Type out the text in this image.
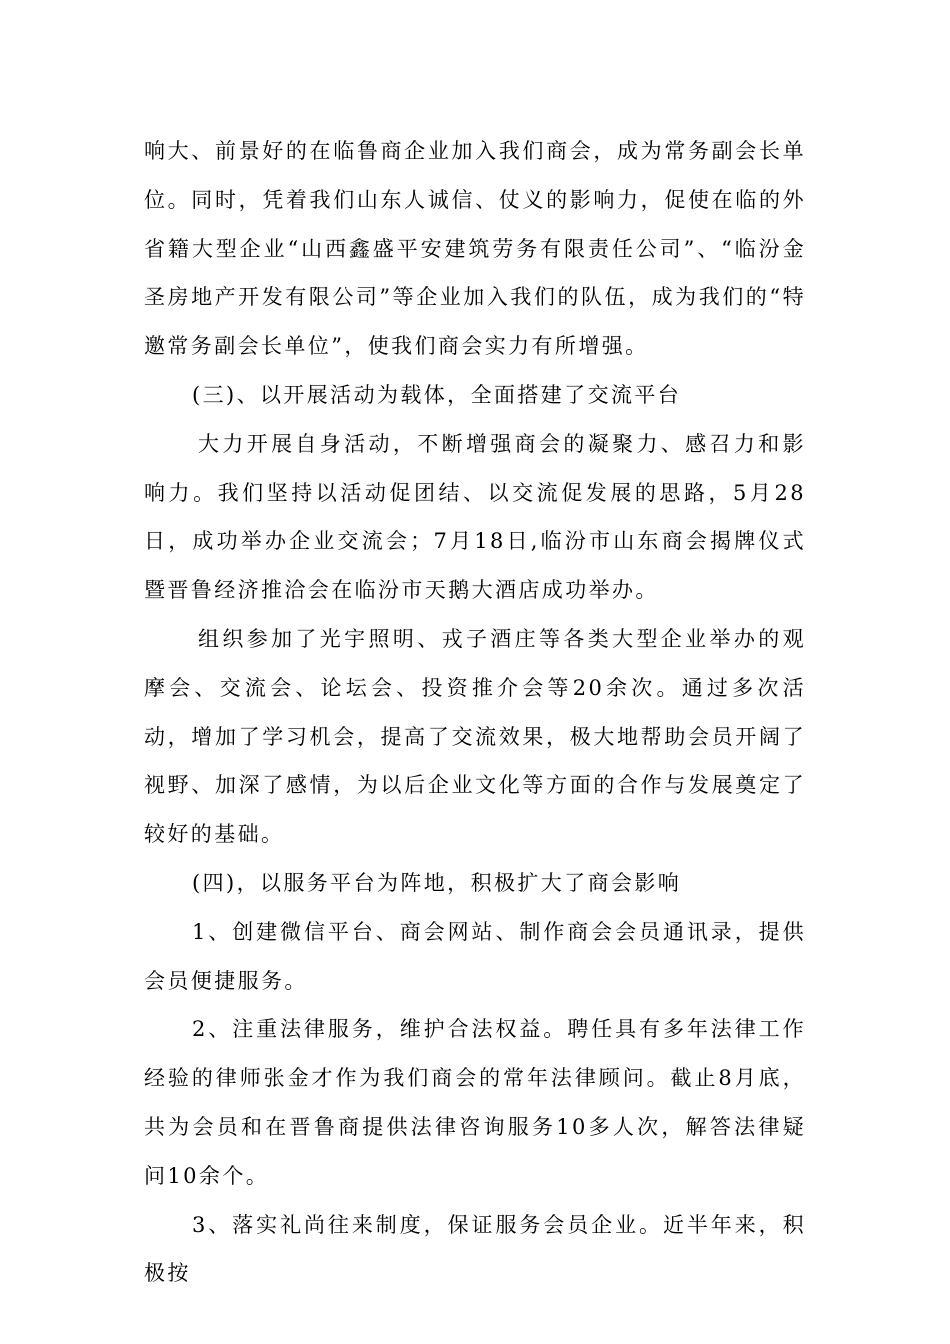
响大、前景好的在临鲁商企业加入我们商会，成为常务副会长单位。同时，凭着我们山东人诚信、仗义的影响力，促使在临的外省籍大型企业“山西鑫盛平安建筑劳务有限责任公司”、“临汾金圣房地产开发有限公司”等企业加入我们的队伍，成为我们的“特邀常务副会长单位”，使我们商会实力有所增强。

(三)、以开展活动为载体，全面搭建了交流平台

大力开展自身活动，不断增强商会的凝聚力、感召力和影响力。我们坚持以活动促团结、以交流促发展的思路，5月28日，成功举办企业交流会；7月18日,临汾市山东商会揭牌仪式暨晋鲁经济推洽会在临汾市天鹅大酒店成功举办。

组织参加了光宇照明、戎子酒庄等各类大型企业举办的观摩会、交流会、论坛会、投资推介会等20余次。通过多次活动，增加了学习机会，提高了交流效果，极大地帮助会员开阔了视野、加深了感情，为以后企业文化等方面的合作与发展奠定了较好的基础。

(四)，以服务平台为阵地，积极扩大了商会影响

1、创建微信平台、商会网站、制作商会会员通讯录，提供会员便捷服务。

2、注重法律服务，维护合法权益。聘任具有多年法律工作经验的律师张金才作为我们商会的常年法律顾问。截止8月底，共为会员和在晋鲁商提供法律咨询服务10多人次，解答法律疑问10余个。

3、落实礼尚往来制度，保证服务会员企业。近半年来，积极按
